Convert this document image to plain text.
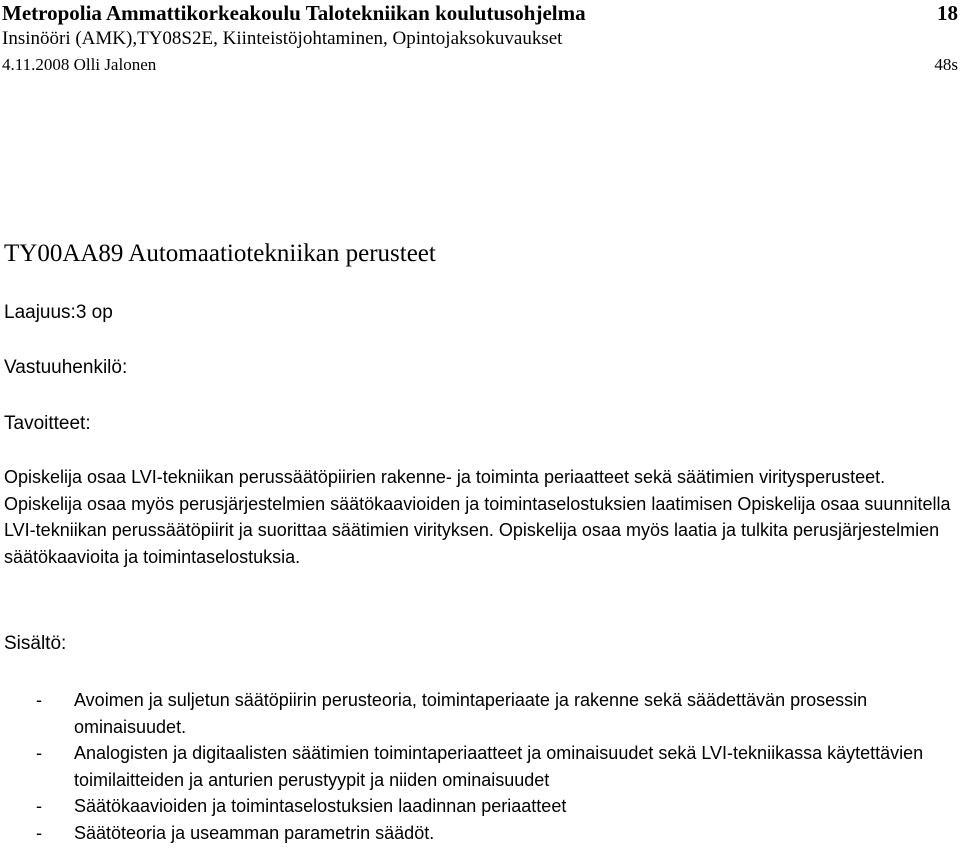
Metropolia Ammattikorkeakoulu Talotekniikan koulutusohjelma	18
Insinööri (AMK),TY08S2E, Kiinteistöjohtaminen, Opintojaksokuvaukset
4.11.2008 Olli Jalonen	48s
TY00AA89 Automaatiotekniikan perusteet
Laajuus:3 op
Vastuuhenkilö:
Tavoitteet:

Opiskelija osaa LVI-tekniikan perussäätöpiirien rakenne- ja toiminta periaatteet sekä säätimien viritysperusteet. Opiskelija osaa myös perusjärjestelmien säätökaavioiden ja toimintaselostuksien laatimisen Opiskelija osaa suunnitella LVI-tekniikan perussäätöpiirit ja suorittaa säätimien virityksen. Opiskelija osaa myös laatia ja tulkita perusjärjestelmien säätökaavioita ja toimintaselostuksia.

Sisältö:
- Avoimen ja suljetun säätöpiirin perusteoria, toimintaperiaate ja rakenne sekä säädettävän prosessin ominaisuudet.
- Analogisten ja digitaalisten säätimien toimintaperiaatteet ja ominaisuudet sekä LVI-tekniikassa käytettävien toimilaitteiden ja anturien perustyypit ja niiden ominaisuudet
- Säätökaavioiden ja toimintaselostuksien laadinnan periaatteet
- Säätöteoria ja useamman parametrin säädöt.
